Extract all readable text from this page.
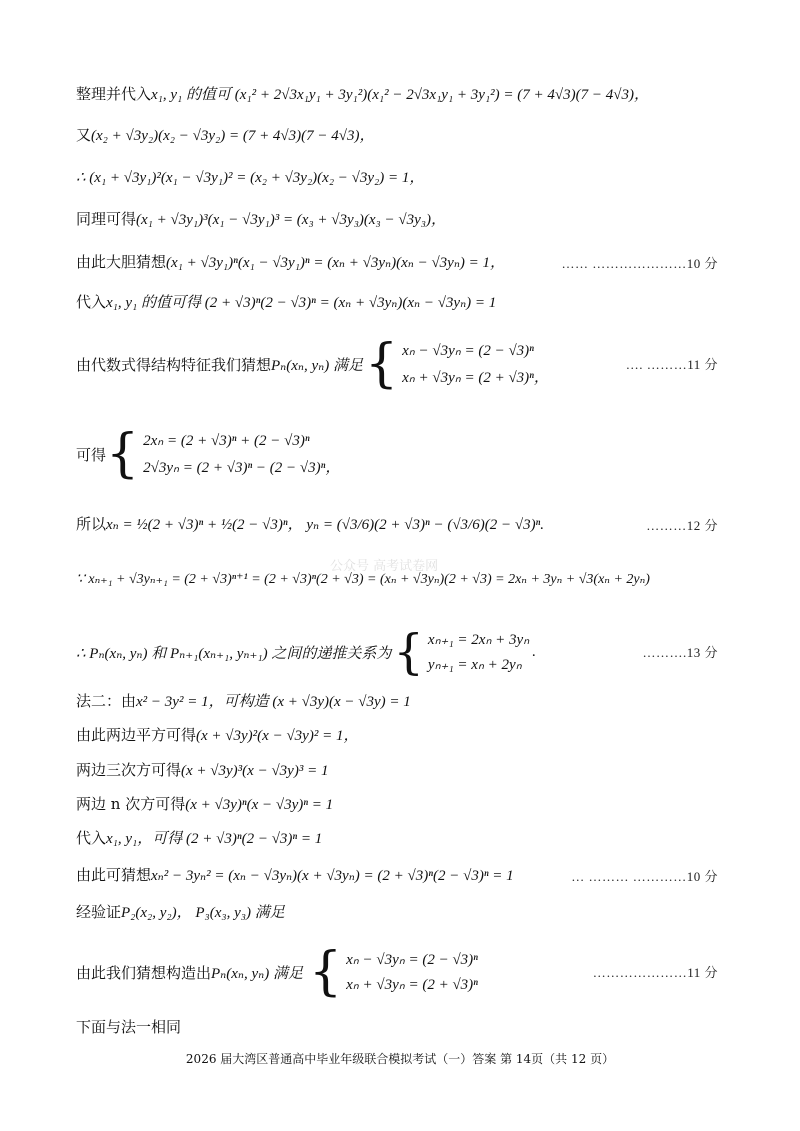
整理并代入x₁, y₁ 的值可 (x₁² + 2√3x₁y₁ + 3y₁²)(x₁² − 2√3x₁y₁ + 3y₁²) = (7 + 4√3)(7 − 4√3)，
又(x₂ + √3y₂)(x₂ − √3y₂) = (7 + 4√3)(7 − 4√3)，
∴ (x₁ + √3y₁)²(x₁ − √3y₁)² = (x₂ + √3y₂)(x₂ − √3y₂) = 1，
同理可得(x₁ + √3y₁)³(x₁ − √3y₁)³ = (x₃ + √3y₃)(x₃ − √3y₃)，
由此大胆猜想(x₁ + √3y₁)ⁿ(x₁ − √3y₁)ⁿ = (xₙ + √3yₙ)(xₙ − √3yₙ) = 1，	…… …………………10 分
代入x₁, y₁ 的值可得 (2 + √3)ⁿ(2 − √3)ⁿ = (xₙ + √3yₙ)(xₙ − √3yₙ) = 1
由代数式得结构特征我们猜想 Pₙ(xₙ, yₙ) 满足 { xₙ − √3yₙ = (2 − √3)ⁿ
xₙ + √3yₙ = (2 + √3)ⁿ，
…. ………11 分
可得 { 2xₙ = (2 + √3)ⁿ + (2 − √3)ⁿ
2√3yₙ = (2 + √3)ⁿ − (2 − √3)ⁿ，
所以xₙ = ½(2 + √3)ⁿ + ½(2 − √3)ⁿ， yₙ = (√3/6)(2 + √3)ⁿ − (√3/6)(2 − √3)ⁿ.	………12 分
公众号 高考试卷网
∵ xₙ₊₁ + √3yₙ₊₁ = (2 + √3)ⁿ⁺¹ = (2 + √3)ⁿ(2 + √3) = (xₙ + √3yₙ)(2 + √3) = 2xₙ + 3yₙ + √3(xₙ + 2yₙ)
∴ Pₙ(xₙ, yₙ) 和 Pₙ₊₁(xₙ₊₁, yₙ₊₁) 之间的递推关系为 { xₙ₊₁ = 2xₙ + 3yₙ
yₙ₊₁ = xₙ + 2yₙ
.	……….13 分
法二：由x² − 3y² = 1，可构造 (x + √3y)(x − √3y) = 1
由此两边平方可得(x + √3y)²(x − √3y)² = 1，
两边三次方可得(x + √3y)³(x − √3y)³ = 1
两边 n 次方可得(x + √3y)ⁿ(x − √3y)ⁿ = 1
代入x₁, y₁，可得 (2 + √3)ⁿ(2 − √3)ⁿ = 1
由此可猜想xₙ² − 3yₙ² = (xₙ − √3yₙ)(x + √3yₙ) = (2 + √3)ⁿ(2 − √3)ⁿ = 1	… ……… …………10 分
经验证P₂(x₂, y₂)， P₃(x₃, y₃) 满足
由此我们猜想构造出 Pₙ(xₙ, yₙ) 满足 { xₙ − √3yₙ = (2 − √3)ⁿ
xₙ + √3yₙ = (2 + √3)ⁿ
…………………11 分
下面与法一相同
2026 届大湾区普通高中毕业年级联合模拟考试（一）答案 第 14页（共 12 页）
